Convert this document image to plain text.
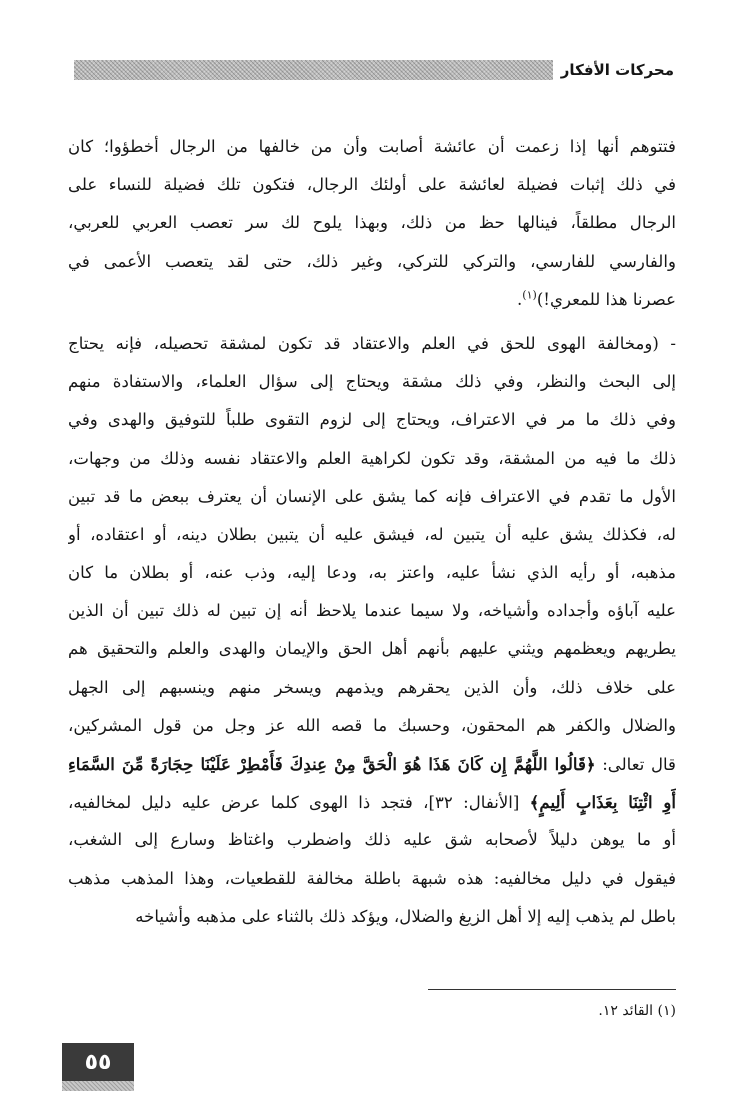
محركات الأفكار
فتتوهم أنها إذا زعمت أن عائشة أصابت وأن من خالفها من الرجال أخطؤوا؛ كان
في ذلك إثبات فضيلة لعائشة على أولئك الرجال، فتكون تلك فضيلة للنساء على
الرجال مطلقاً، فينالها حظ من ذلك، وبهذا يلوح لك سر تعصب العربي للعربي،
والفارسي للفارسي، والتركي للتركي، وغير ذلك، حتى لقد يتعصب الأعمى في
عصرنا هذا للمعري!)$^{(١)}$.
- (ومخالفة الهوى للحق في العلم والاعتقاد قد تكون لمشقة تحصيله، فإنه يحتاج
إلى البحث والنظر، وفي ذلك مشقة ويحتاج إلى سؤال العلماء، والاستفادة منهم
وفي ذلك ما مر في الاعتراف، ويحتاج إلى لزوم التقوى طلباً للتوفيق والهدى وفي
ذلك ما فيه من المشقة، وقد تكون لكراهية العلم والاعتقاد نفسه وذلك من وجهات،
الأول ما تقدم في الاعتراف فإنه كما يشق على الإنسان أن يعترف ببعض ما قد تبين
له، فكذلك يشق عليه أن يتبين له، فيشق عليه أن يتبين بطلان دينه، أو اعتقاده، أو
مذهبه، أو رأيه الذي نشأ عليه، واعتز به، ودعا إليه، وذب عنه، أو بطلان ما كان
عليه آباؤه وأجداده وأشياخه، ولا سيما عندما يلاحظ أنه إن تبين له ذلك تبين أن الذين
يطريهم ويعظمهم ويثني عليهم بأنهم أهل الحق والإيمان والهدى والعلم والتحقيق هم
على خلاف ذلك، وأن الذين يحقرهم ويذمهم ويسخر منهم وينسبهم إلى الجهل
والضلال والكفر هم المحقون، وحسبك ما قصه الله عز وجل من قول المشركين،
قال تعالى: ﴿قَالُوا اللَّهُمَّ إِن كَانَ هَذَا هُوَ الْحَقَّ مِنْ عِندِكَ فَأَمْطِرْ عَلَيْنَا حِجَارَةً مِّنَ السَّمَاءِ
أَوِ ائْتِنَا بِعَذَابٍ أَلِيمٍ﴾ [الأنفال: ٣٢]، فتجد ذا الهوى كلما عرض عليه دليل لمخالفيه،
أو ما يوهن دليلاً لأصحابه شق عليه ذلك واضطرب واغتاظ وسارع إلى الشغب،
فيقول في دليل مخالفيه: هذه شبهة باطلة مخالفة للقطعيات، وهذا المذهب مذهب
باطل لم يذهب إليه إلا أهل الزيغ والضلال، ويؤكد ذلك بالثناء على مذهبه وأشياخه
(١) القائد ١٢.
٥٥
